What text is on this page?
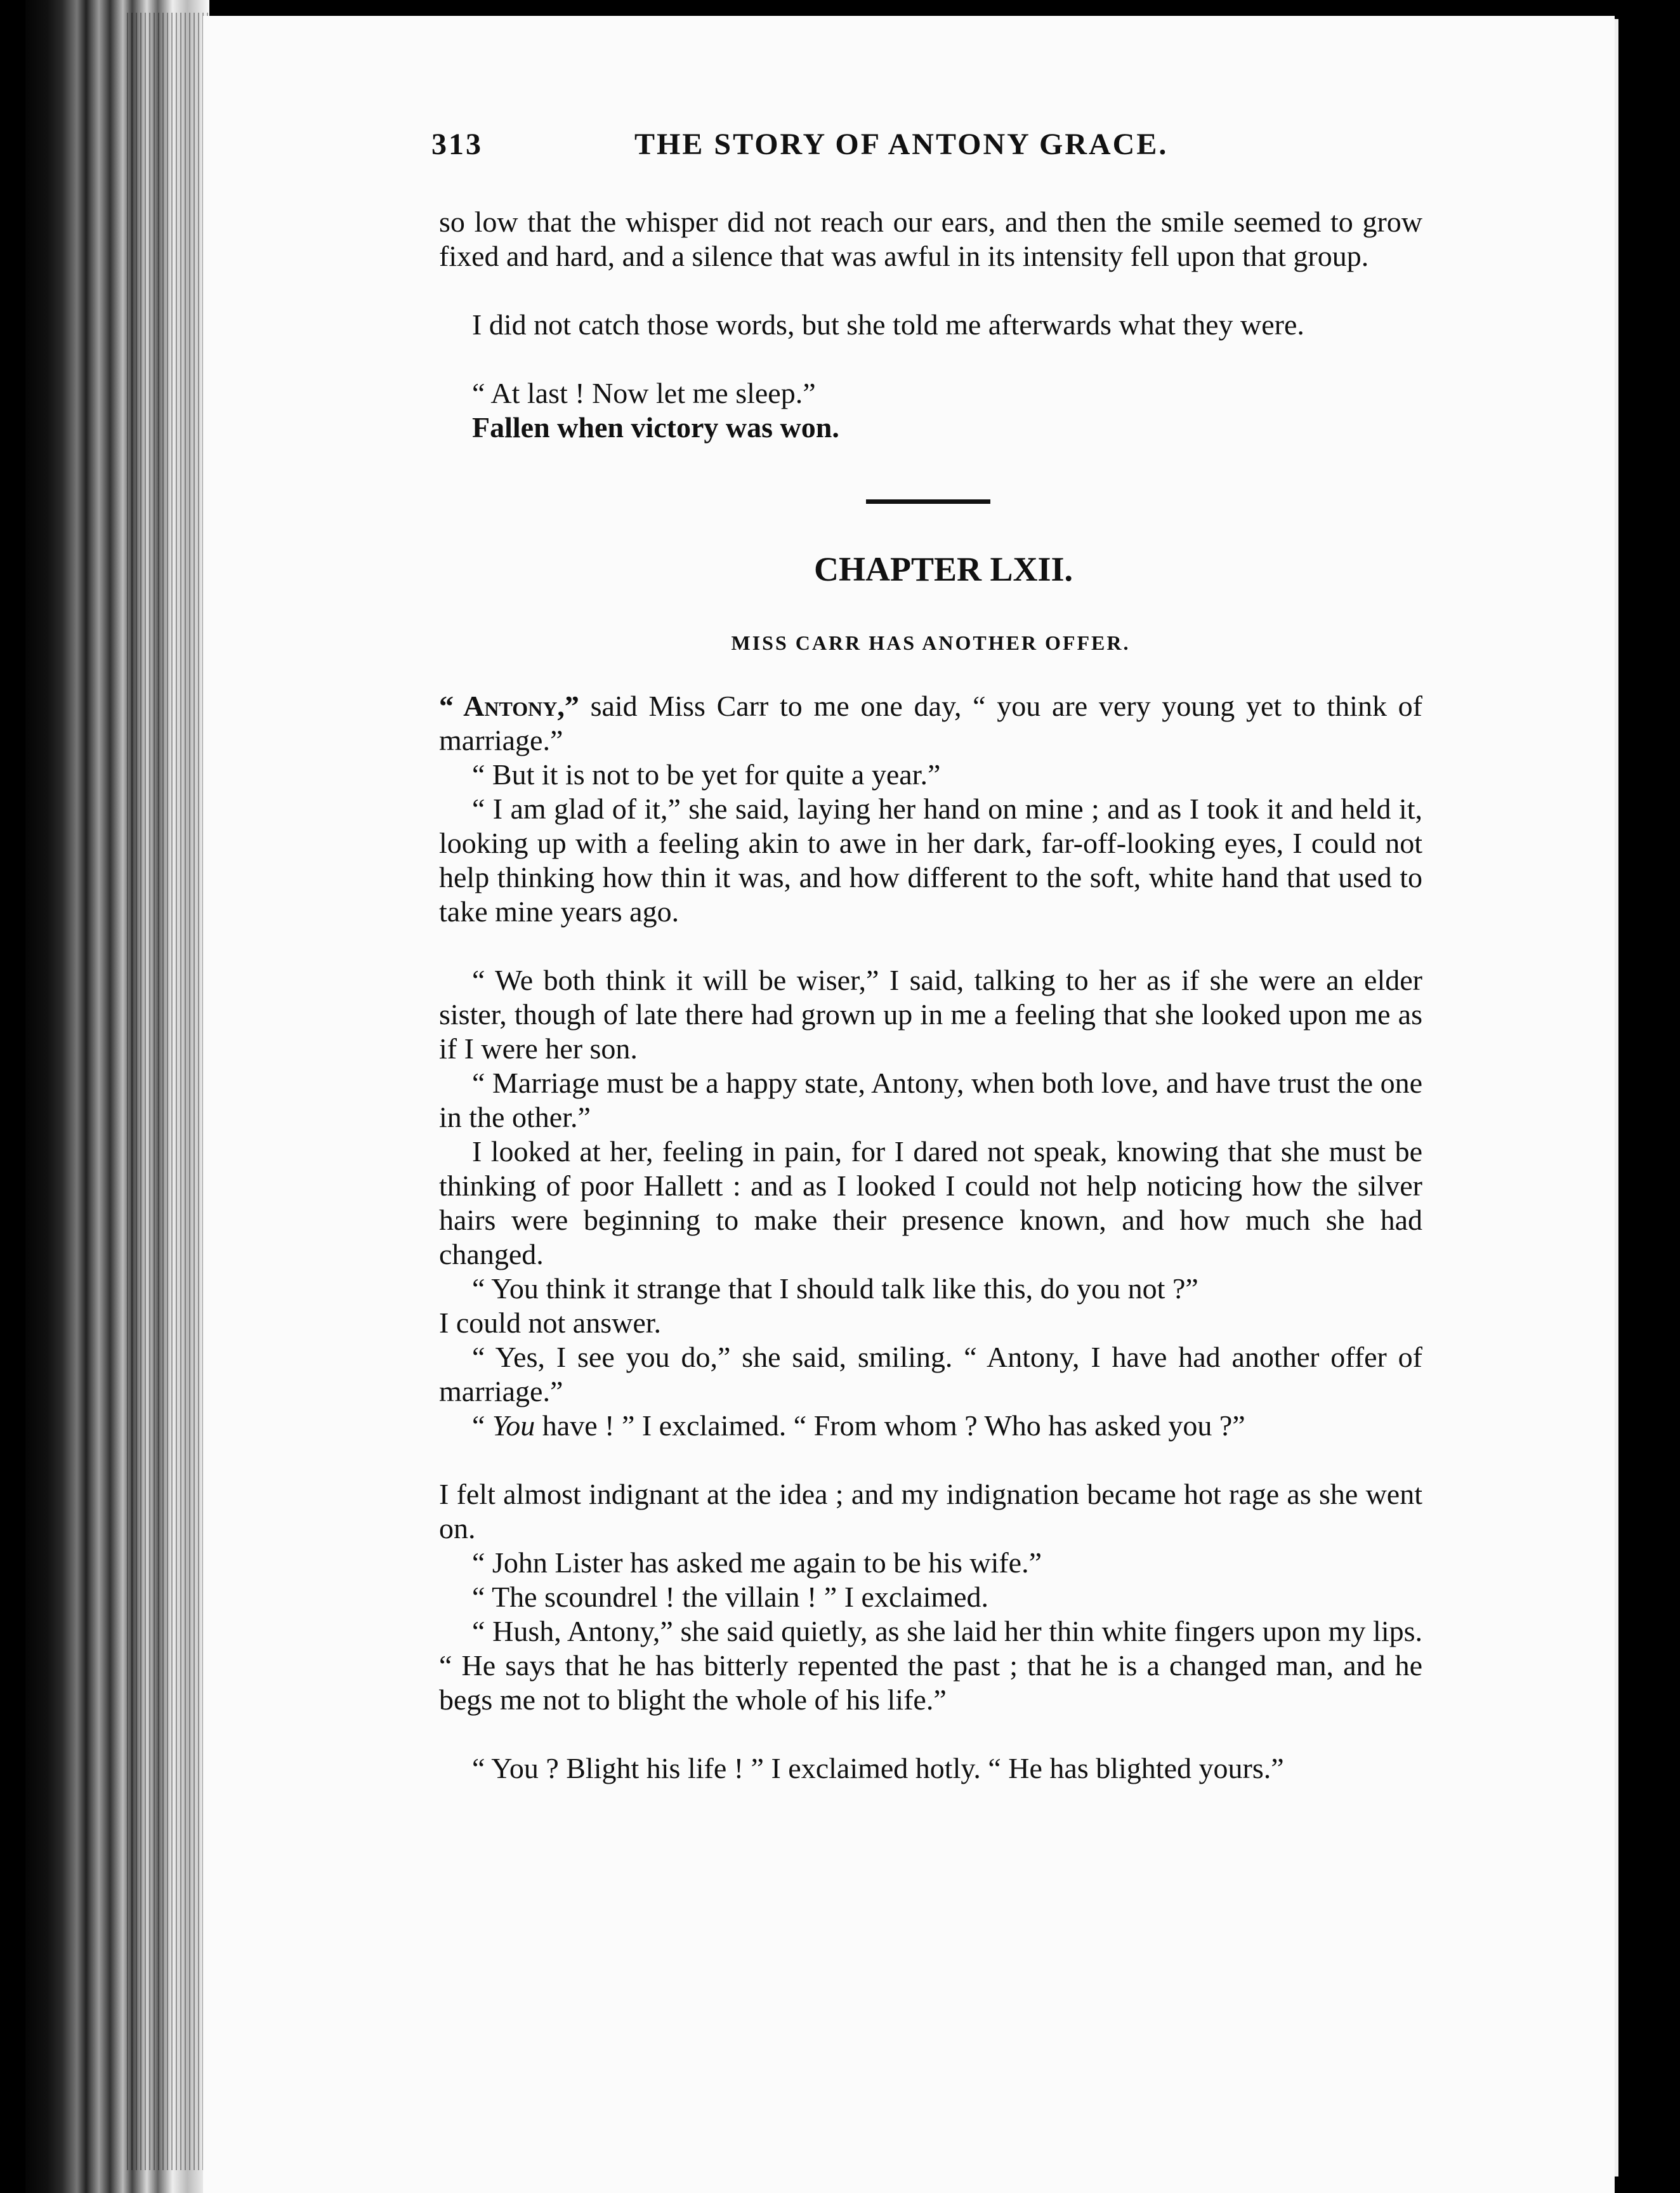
313	THE STORY OF ANTONY GRACE.
so low that the whisper did not reach our ears, and then the smile seemed to grow fixed and hard, and a silence that was awful in its intensity fell upon that group.
I did not catch those words, but she told me afterwards what they were.
“ At last ! Now let me sleep.”
Fallen when victory was won.
CHAPTER LXII.
MISS CARR HAS ANOTHER OFFER.
“ Antony,” said Miss Carr to me one day, “ you are very young yet to think of marriage.”
“ But it is not to be yet for quite a year.”
“ I am glad of it,” she said, laying her hand on mine ; and as I took it and held it, looking up with a feeling akin to awe in her dark, far-off-looking eyes, I could not help thinking how thin it was, and how different to the soft, white hand that used to take mine years ago.
“ We both think it will be wiser,” I said, talking to her as if she were an elder sister, though of late there had grown up in me a feeling that she looked upon me as if I were her son.
“ Marriage must be a happy state, Antony, when both love, and have trust the one in the other.”
I looked at her, feeling in pain, for I dared not speak, knowing that she must be thinking of poor Hallett : and as I looked I could not help noticing how the silver hairs were beginning to make their presence known, and how much she had changed.
“ You think it strange that I should talk like this, do you not ?”
I could not answer.
“ Yes, I see you do,” she said, smiling. “ Antony, I have had another offer of marriage.”
“ You have ! ” I exclaimed. “ From whom ? Who has asked you ?”
I felt almost indignant at the idea ; and my indignation became hot rage as she went on.
“ John Lister has asked me again to be his wife.”
“ The scoundrel ! the villain ! ” I exclaimed.
“ Hush, Antony,” she said quietly, as she laid her thin white fingers upon my lips. “ He says that he has bitterly repented the past ; that he is a changed man, and he begs me not to blight the whole of his life.”
“ You ? Blight his life ! ” I exclaimed hotly. “ He has blighted yours.”
